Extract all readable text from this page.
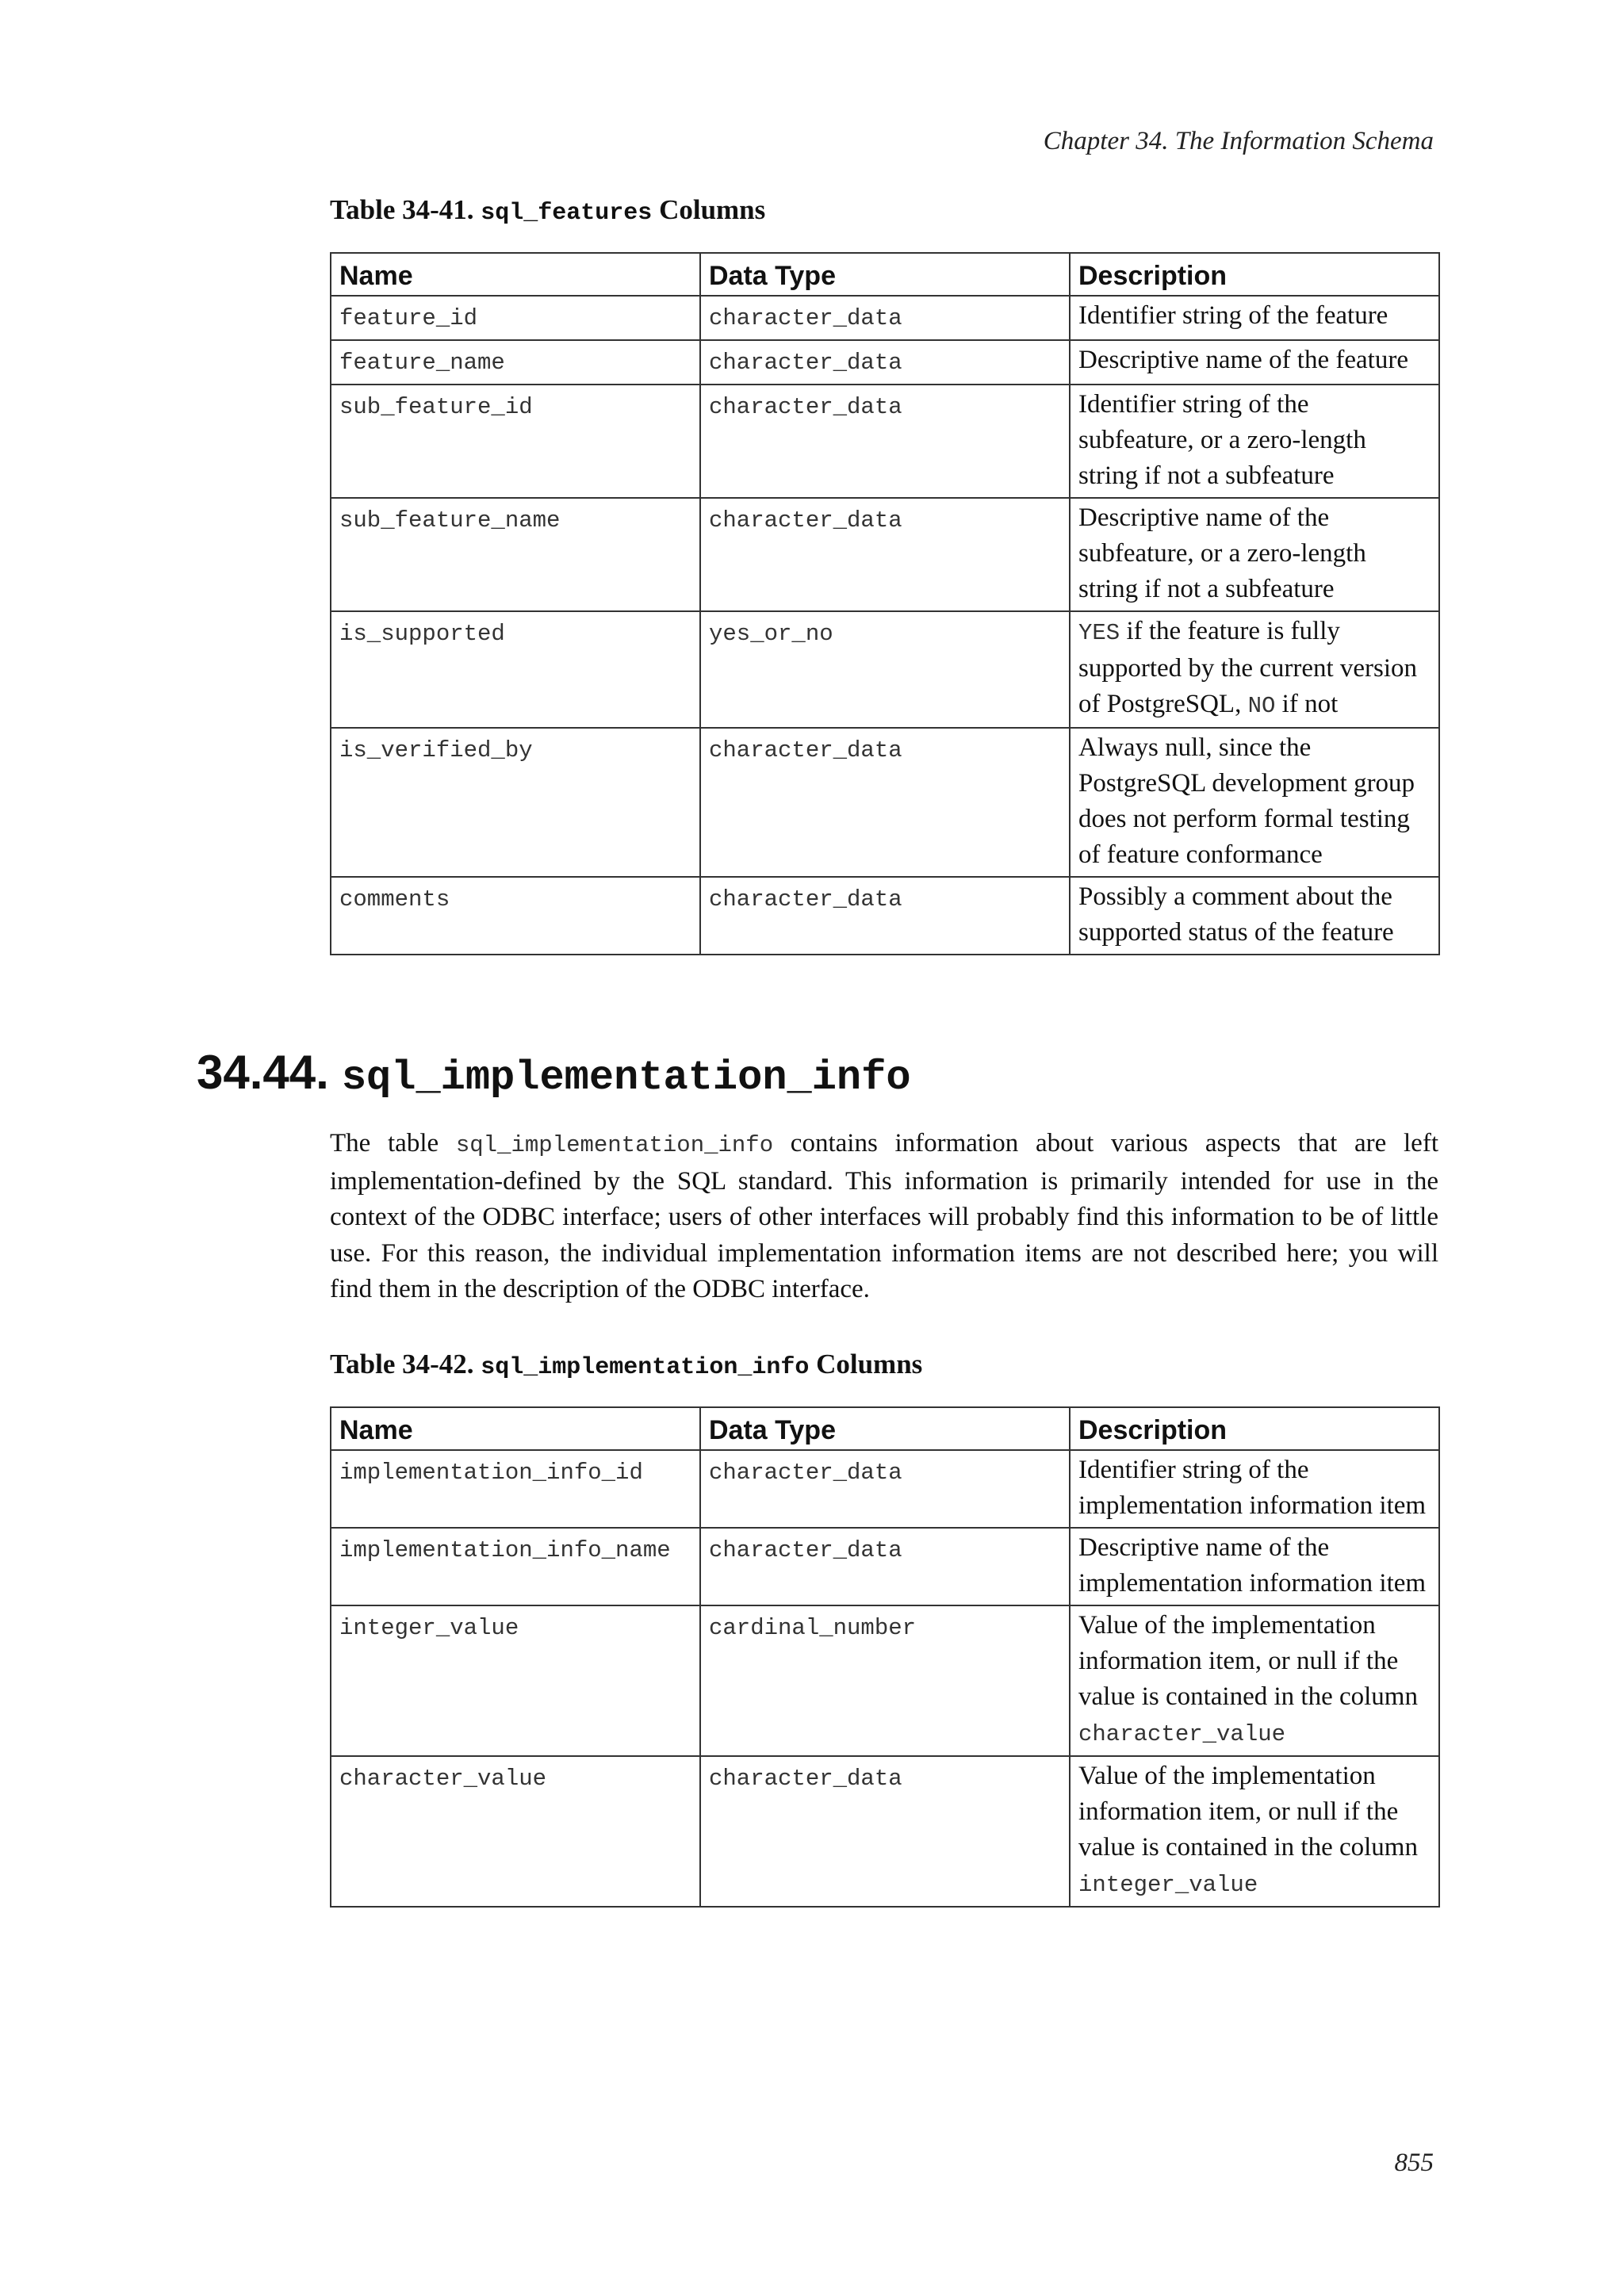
Chapter 34. The Information Schema
Table 34-41. sql_features Columns
Name	Data Type	Description
feature_id	character_data	Identifier string of the feature
feature_name	character_data	Descriptive name of the feature
sub_feature_id	character_data	Identifier string of the subfeature, or a zero-length string if not a subfeature
sub_feature_name	character_data	Descriptive name of the subfeature, or a zero-length string if not a subfeature
is_supported	yes_or_no	YES if the feature is fully supported by the current version of PostgreSQL, NO if not
is_verified_by	character_data	Always null, since the PostgreSQL development group does not perform formal testing of feature conformance
comments	character_data	Possibly a comment about the supported status of the feature
34.44. sql_implementation_info
The table sql_implementation_info contains information about various aspects that are left implementation-defined by the SQL standard. This information is primarily intended for use in the context of the ODBC interface; users of other interfaces will probably find this information to be of little use. For this reason, the individual implementation information items are not described here; you will find them in the description of the ODBC interface.
Table 34-42. sql_implementation_info Columns
Name	Data Type	Description
implementation_info_id	character_data	Identifier string of the implementation information item
implementation_info_name	character_data	Descriptive name of the implementation information item
integer_value	cardinal_number	Value of the implementation information item, or null if the value is contained in the column character_value
character_value	character_data	Value of the implementation information item, or null if the value is contained in the column integer_value
855
